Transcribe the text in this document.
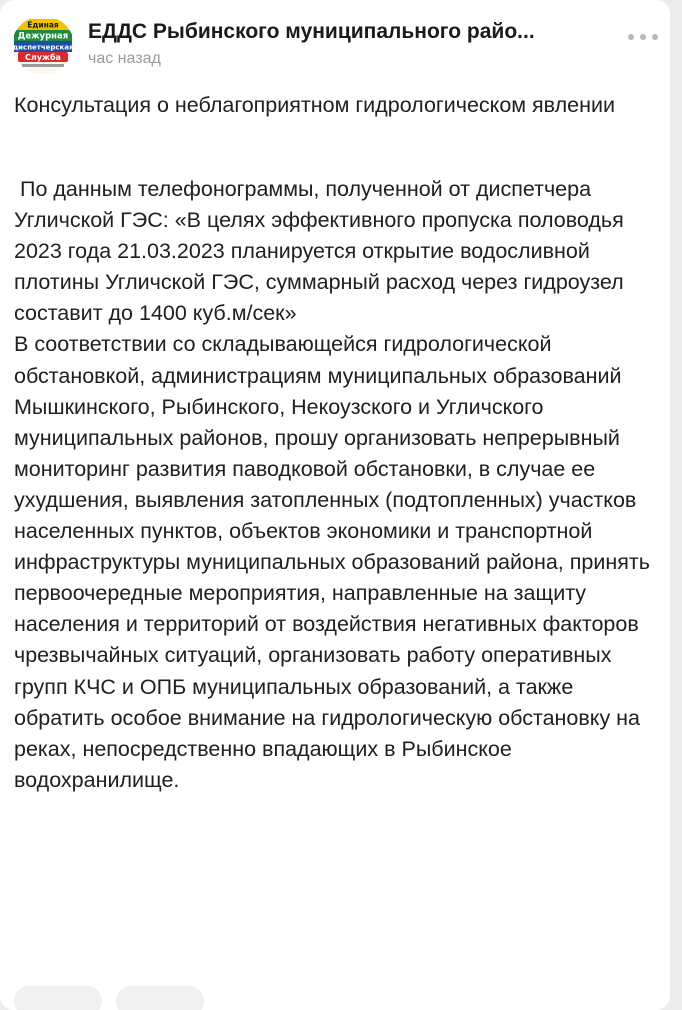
Единая
Дежурная
диспетчерская
Служба
ЕДДС Рыбинского муниципального райо...
час назад
Консультация о неблагоприятном гидрологическом явлении

По данным телефонограммы, полученной от диспетчера Угличской ГЭС: «В целях эффективного пропуска половодья 2023 года 21.03.2023 планируется открытие водосливной плотины Угличской ГЭС, суммарный расход через гидроузел составит до 1400 куб.м/сек»

В соответствии со складывающейся гидрологической обстановкой, администрациям муниципальных образований Мышкинского, Рыбинского, Некоузского и Угличского муниципальных районов, прошу организовать непрерывный мониторинг развития паводковой обстановки, в случае ее ухудшения, выявления затопленных (подтопленных) участков населенных пунктов, объектов экономики и транспортной инфраструктуры муниципальных образований района, принять первоочередные мероприятия, направленные на защиту населения и территорий от воздействия негативных факторов чрезвычайных ситуаций, организовать работу оперативных групп КЧС и ОПБ муниципальных образований, а также обратить особое внимание на гидрологическую обстановку на реках, непосредственно впадающих в Рыбинское водохранилище.
